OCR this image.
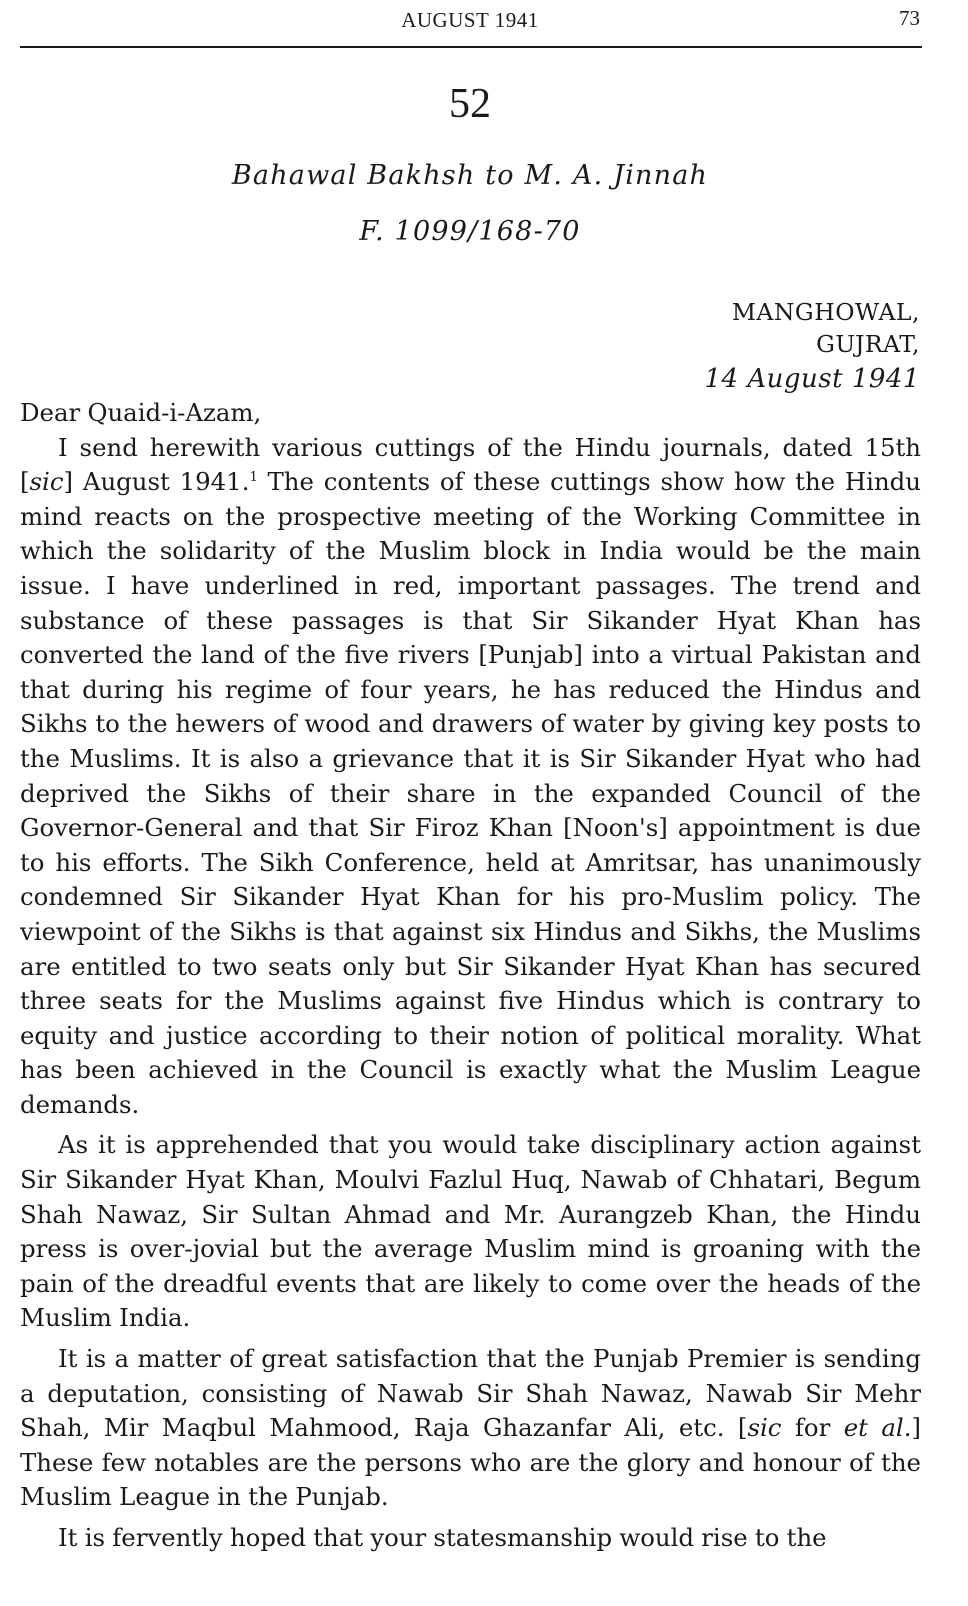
AUGUST 1941	73
52
Bahawal Bakhsh to M. A. Jinnah
F. 1099/168-70
MANGHOWAL,
GUJRAT,
14 August 1941

Dear Quaid-i-Azam,

I send herewith various cuttings of the Hindu journals, dated 15th [sic] August 1941.$^1$ The contents of these cuttings show how the Hindu mind reacts on the prospective meeting of the Working Committee in which the solidarity of the Muslim block in India would be the main issue. I have underlined in red, important passages. The trend and substance of these passages is that Sir Sikander Hyat Khan has converted the land of the five rivers [Punjab] into a virtual Pakistan and that during his regime of four years, he has reduced the Hindus and Sikhs to the hewers of wood and drawers of water by giving key posts to the Muslims. It is also a grievance that it is Sir Sikander Hyat who had deprived the Sikhs of their share in the expanded Council of the Governor-General and that Sir Firoz Khan [Noon's] appointment is due to his efforts. The Sikh Conference, held at Amritsar, has unanimously condemned Sir Sikander Hyat Khan for his pro-Muslim policy. The viewpoint of the Sikhs is that against six Hindus and Sikhs, the Muslims are entitled to two seats only but Sir Sikander Hyat Khan has secured three seats for the Muslims against five Hindus which is contrary to equity and justice according to their notion of political morality. What has been achieved in the Council is exactly what the Muslim League demands.

As it is apprehended that you would take disciplinary action against Sir Sikander Hyat Khan, Moulvi Fazlul Huq, Nawab of Chhatari, Begum Shah Nawaz, Sir Sultan Ahmad and Mr. Aurangzeb Khan, the Hindu press is over-jovial but the average Muslim mind is groaning with the pain of the dreadful events that are likely to come over the heads of the Muslim India.

It is a matter of great satisfaction that the Punjab Premier is sending a deputation, consisting of Nawab Sir Shah Nawaz, Nawab Sir Mehr Shah, Mir Maqbul Mahmood, Raja Ghazanfar Ali, etc. [sic for et al.] These few notables are the persons who are the glory and honour of the Muslim League in the Punjab.

It is fervently hoped that your statesmanship would rise to the
